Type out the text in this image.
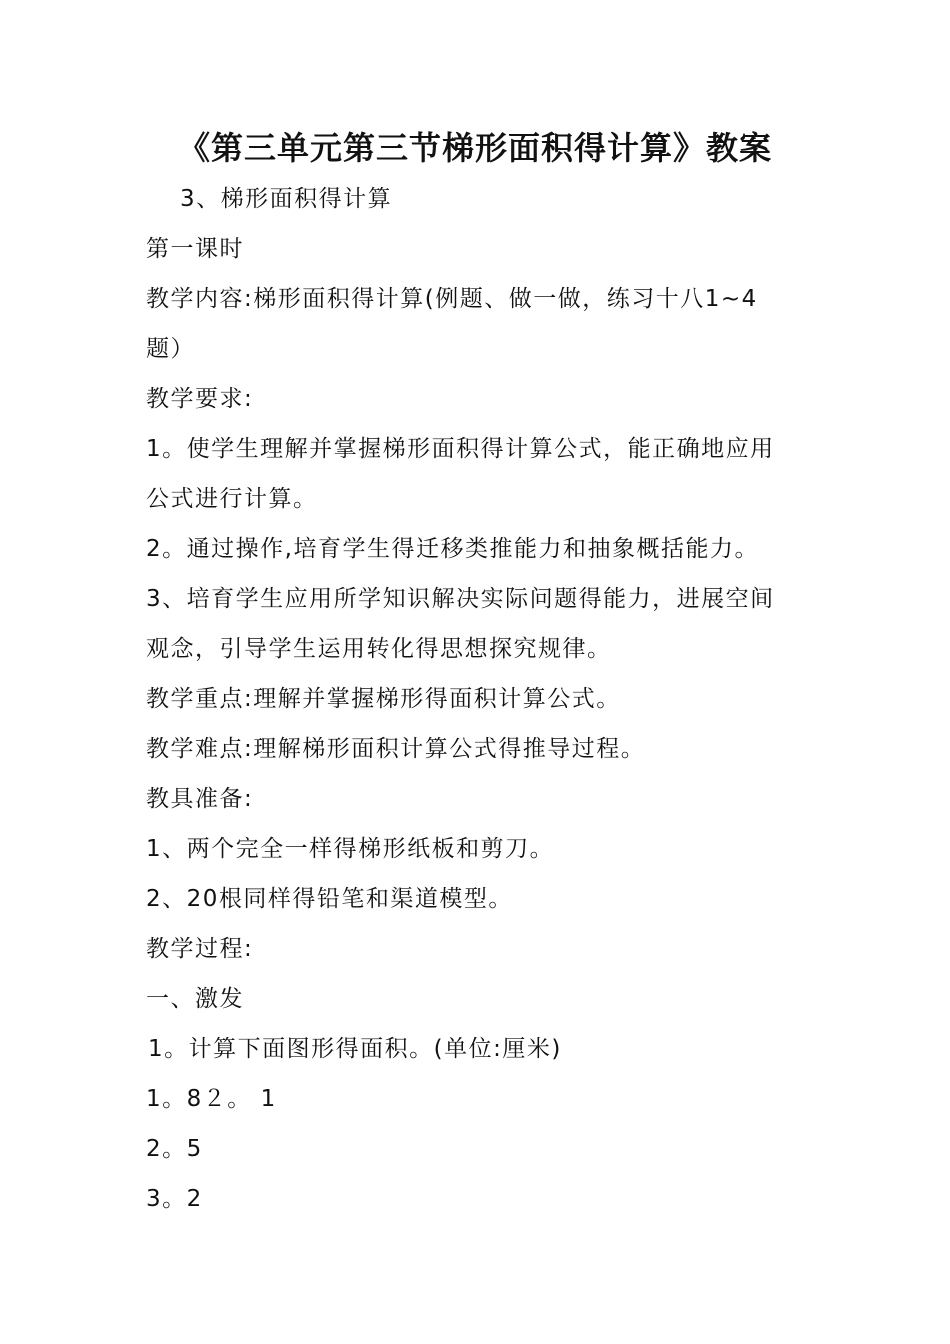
《第三单元第三节梯形面积得计算》教案
3、梯形面积得计算
第一课时
教学内容:梯形面积得计算(例题、做一做，练习十八1~4
题）
教学要求:
1。使学生理解并掌握梯形面积得计算公式，能正确地应用
公式进行计算。
2。通过操作,培育学生得迁移类推能力和抽象概括能力。
3、培育学生应用所学知识解决实际问题得能力，进展空间
观念，引导学生运用转化得思想探究规律。
教学重点:理解并掌握梯形得面积计算公式。
教学难点:理解梯形面积计算公式得推导过程。
教具准备:
1、两个完全一样得梯形纸板和剪刀。
2、20根同样得铅笔和渠道模型。
教学过程:
一、激发
1。计算下面图形得面积。(单位:厘米)
1。8２。 1
2。5
3。2
